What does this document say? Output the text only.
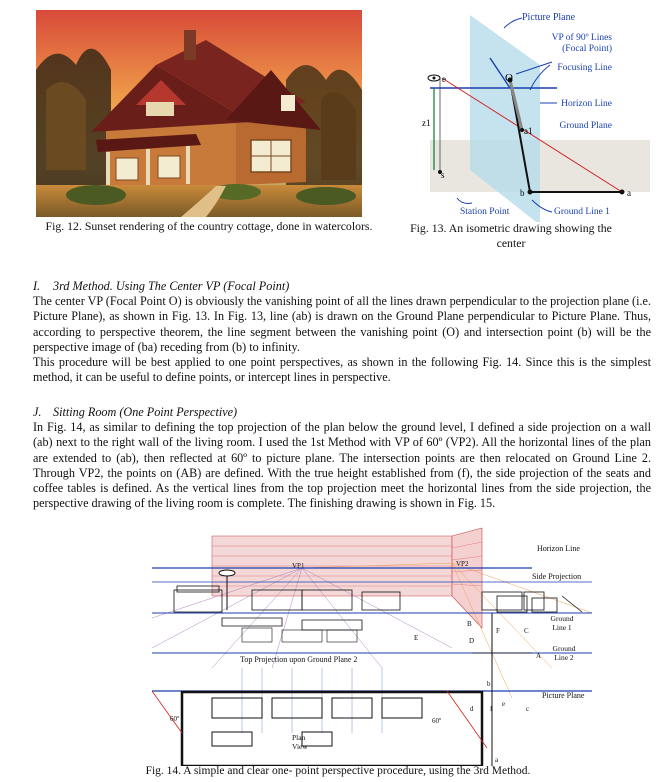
Fig. 12. Sunset rendering of the country cottage, done in watercolors.
Picture Plane
VP of 90º Lines
(Focal Point)
Focusing Line
Horizon Line
Ground Plane
Station Point	Ground Line 1
O
e
a1
z1
s
b	a
Fig. 13. An isometric drawing showing the
center

I. 3rd Method. Using The Center VP (Focal Point)

The center VP (Focal Point O) is obviously the vanishing point of all the lines drawn perpendicular to the projection plane (i.e. Picture Plane), as shown in Fig. 13. In Fig. 13, line (ab) is drawn on the Ground Plane perpendicular to Picture Plane. Thus, according to perspective theorem, the line segment between the vanishing point (O) and intersection point (b) will be the perspective image of (ba) receding from (b) to infinity.

This procedure will be best applied to one point perspectives, as shown in the following Fig. 14. Since this is the simplest method, it can be useful to define points, or intercept lines in perspective.

J. Sitting Room (One Point Perspective)

In Fig. 14, as similar to defining the top projection of the plan below the ground level, I defined a side projection on a wall (ab) next to the right wall of the living room. I used the 1st Method with VP of 60º (VP2). All the horizontal lines of the plan are extended to (ab), then reflected at 60º to picture plane. The intersection points are then relocated on Ground Line 2. Through VP2, the points on (AB) are defined. With the true height established from (f), the side projection of the seats and coffee tables is defined. As the vertical lines from the top projection meet the horizontal lines from the side projection, the perspective drawing of the living room is complete. The finishing drawing is shown in Fig. 15.

Horizon Line
Side Projection
Ground
Line 1
Ground
Line 2
Picture Plane
Top Projection upon Ground Plane 2
Plan
View
VP1	VP2
60º	60º
B
D
E
F	C
A
b
d f
e
c
a
Fig. 14. A simple and clear one- point perspective procedure, using the 3rd Method.
